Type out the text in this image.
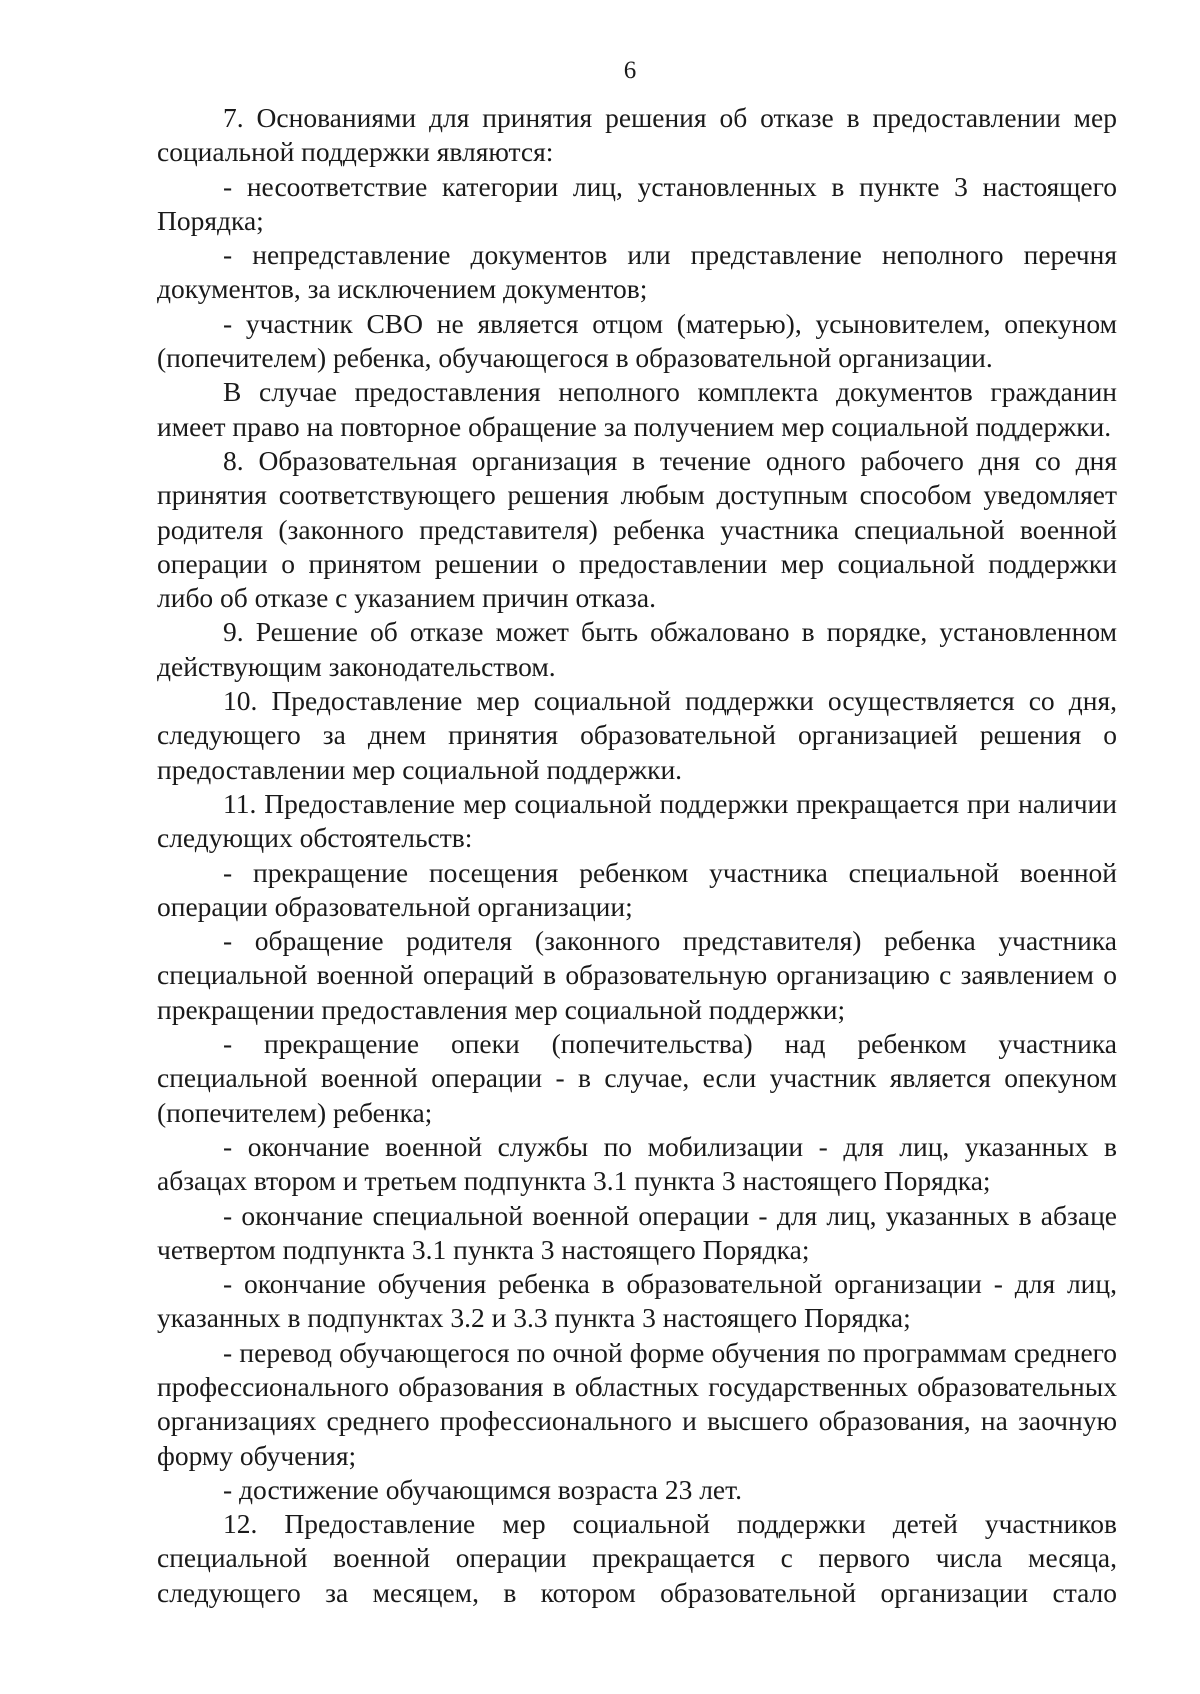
6

7. Основаниями для принятия решения об отказе в предоставлении мер социальной поддержки являются:

- несоответствие категории лиц, установленных в пункте 3 настоящего Порядка;

- непредставление документов или представление неполного перечня документов, за исключением документов;

- участник СВО не является отцом (матерью), усыновителем, опекуном (попечителем) ребенка, обучающегося в образовательной организации.

В случае предоставления неполного комплекта документов гражданин имеет право на повторное обращение за получением мер социальной поддержки.

8. Образовательная организация в течение одного рабочего дня со дня принятия соответствующего решения любым доступным способом уведомляет родителя (законного представителя) ребенка участника специальной военной операции о принятом решении о предоставлении мер социальной поддержки либо об отказе с указанием причин отказа.

9. Решение об отказе может быть обжаловано в порядке, установленном действующим законодательством.

10. Предоставление мер социальной поддержки осуществляется со дня, следующего за днем принятия образовательной организацией решения о предоставлении мер социальной поддержки.

11. Предоставление мер социальной поддержки прекращается при наличии следующих обстоятельств:

- прекращение посещения ребенком участника специальной военной операции образовательной организации;

- обращение родителя (законного представителя) ребенка участника специальной военной операций в образовательную организацию с заявлением о прекращении предоставления мер социальной поддержки;

- прекращение опеки (попечительства) над ребенком участника специальной военной операции - в случае, если участник является опекуном (попечителем) ребенка;

- окончание военной службы по мобилизации - для лиц, указанных в абзацах втором и третьем подпункта 3.1 пункта 3 настоящего Порядка;

- окончание специальной военной операции - для лиц, указанных в абзаце четвертом подпункта 3.1 пункта 3 настоящего Порядка;

- окончание обучения ребенка в образовательной организации - для лиц, указанных в подпунктах 3.2 и 3.3 пункта 3 настоящего Порядка;

- перевод обучающегося по очной форме обучения по программам среднего профессионального образования в областных государственных образовательных организациях среднего профессионального и высшего образования, на заочную форму обучения;

- достижение обучающимся возраста 23 лет.

12. Предоставление мер социальной поддержки детей участников специальной военной операции прекращается с первого числа месяца, следующего за месяцем, в котором образовательной организации стало
